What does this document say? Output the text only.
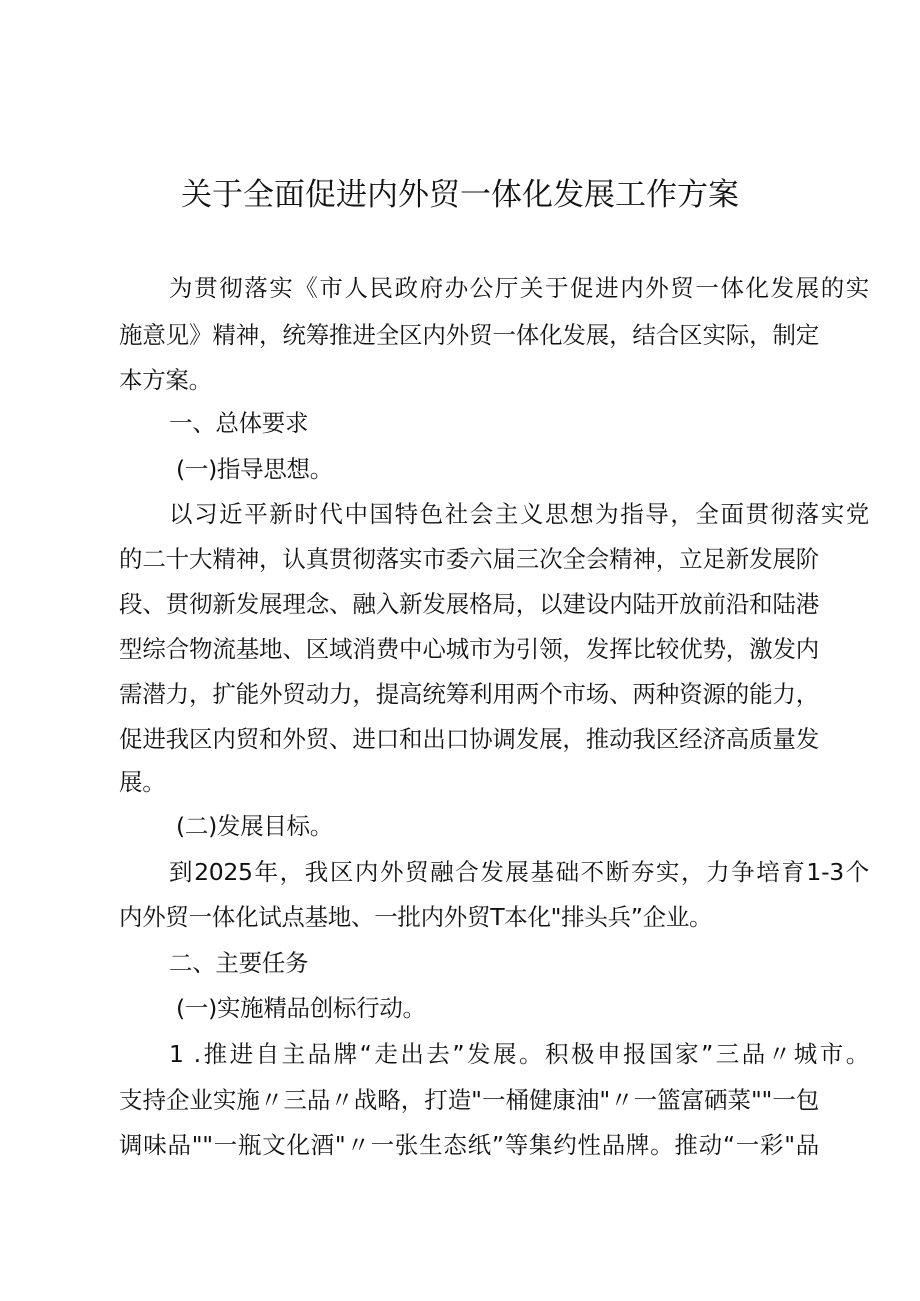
关于全面促进内外贸一体化发展工作方案
为贯彻落实《市人民政府办公厅关于促进内外贸一体化发展的实
施意见》精神，统筹推进全区内外贸一体化发展，结合区实际，制定
本方案。
一、总体要求
(一)指导思想。
以习近平新时代中国特色社会主义思想为指导，全面贯彻落实党
的二十大精神，认真贯彻落实市委六届三次全会精神，立足新发展阶
段、贯彻新发展理念、融入新发展格局，以建设内陆开放前沿和陆港
型综合物流基地、区域消费中心城市为引领，发挥比较优势，激发内
需潜力，扩能外贸动力，提高统筹利用两个市场、两种资源的能力，
促进我区内贸和外贸、进口和出口协调发展，推动我区经济高质量发
展。
(二)发展目标。
到2025年，我区内外贸融合发展基础不断夯实，力争培育1-3个
内外贸一体化试点基地、一批内外贸T本化"排头兵”企业。
二、主要任务
(一)实施精品创标行动。
1 .推进自主品牌“走出去”发展。积极申报国家”三品〃城市。
支持企业实施〃三品〃战略，打造"一桶健康油"〃一篮富硒菜""一包
调味品""一瓶文化酒"〃一张生态纸”等集约性品牌。推动“一彩"品
